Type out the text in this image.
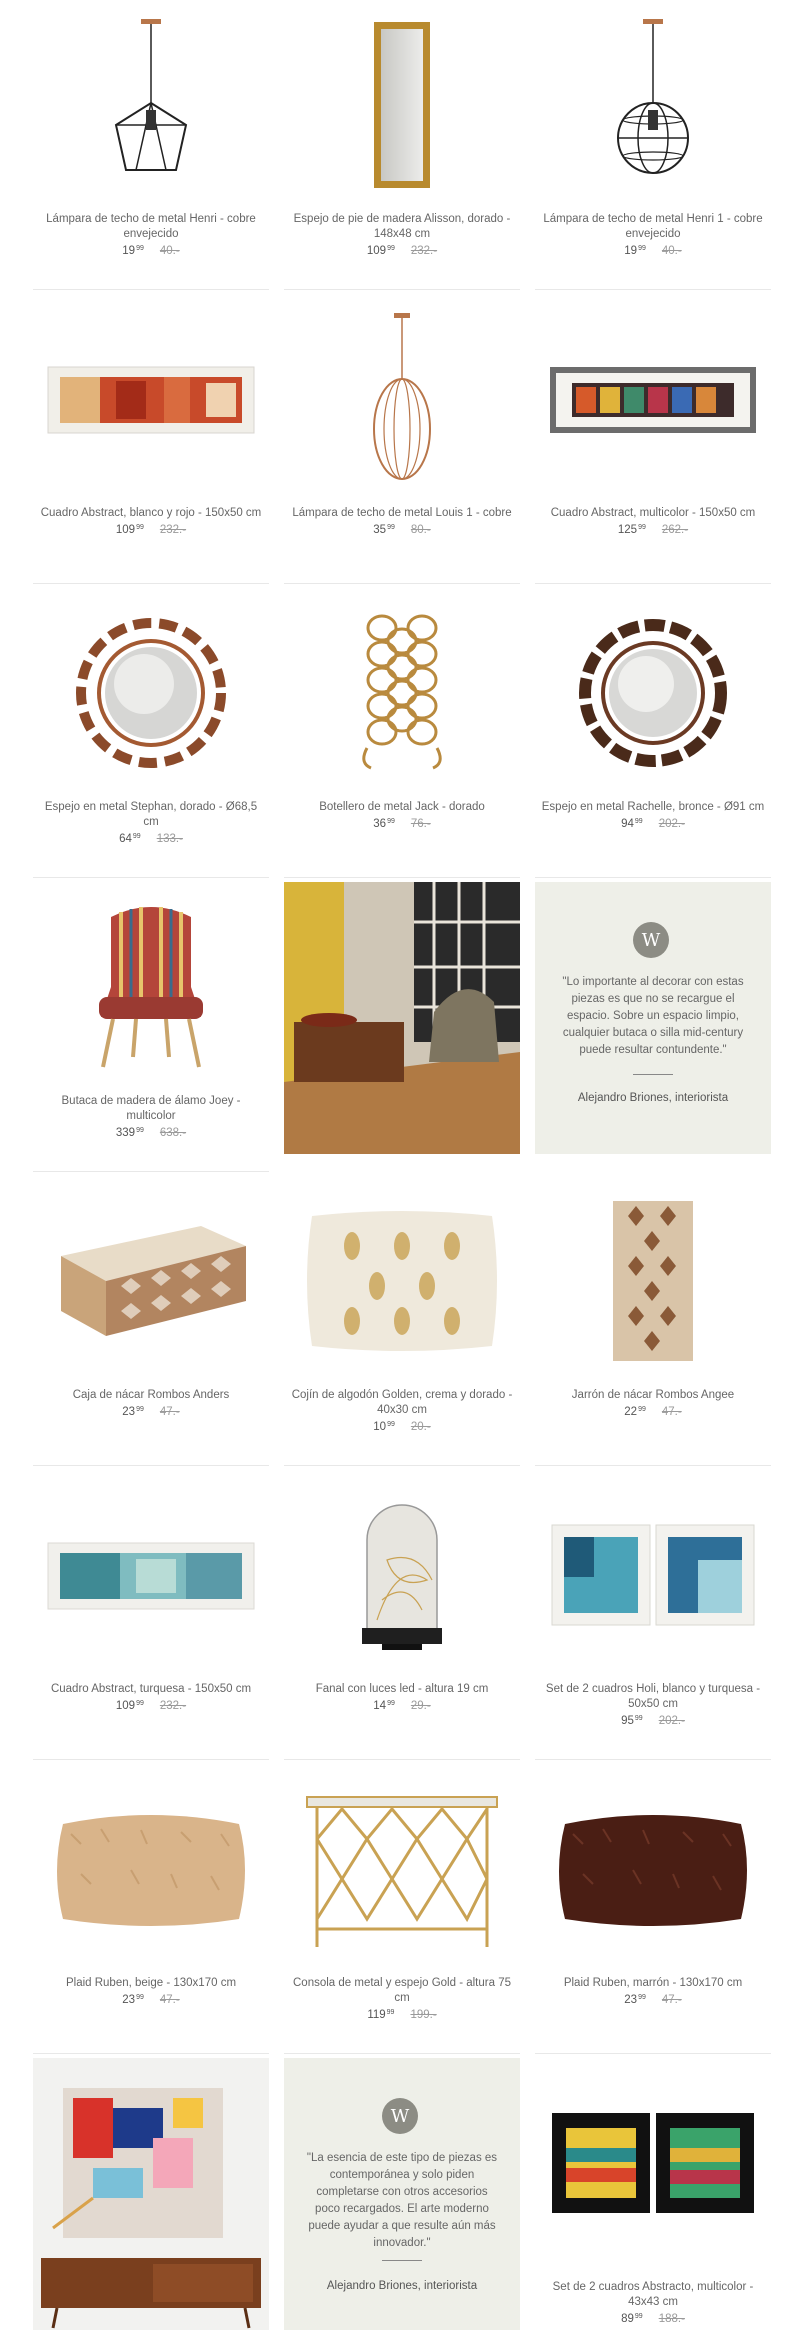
Lámpara de techo de metal Henri - cobre envejecido
$19^{99}$ 40.-
Espejo de pie de madera Alisson, dorado - 148x48 cm
$109^{99}$ 232.-
Lámpara de techo de metal Henri 1 - cobre envejecido
$19^{99}$ 40.-
Cuadro Abstract, blanco y rojo - 150x50 cm
$109^{99}$ 232.-
Lámpara de techo de metal Louis 1 - cobre
$35^{99}$ 80.-
Cuadro Abstract, multicolor - 150x50 cm
$125^{99}$ 262.-
Espejo en metal Stephan, dorado - Ø68,5 cm
$64^{99}$ 133.-
Botellero de metal Jack - dorado
$36^{99}$ 76.-
Espejo en metal Rachelle, bronce - Ø91 cm
$94^{99}$ 202.-
Butaca de madera de álamo Joey - multicolor
$339^{99}$ 638.-
W
"Lo importante al decorar con estas piezas es que no se recargue el espacio. Sobre un espacio limpio, cualquier butaca o silla mid-century puede resultar contundente."
Alejandro Briones, interiorista
Caja de nácar Rombos Anders
$23^{99}$ 47.-
Cojín de algodón Golden, crema y dorado - 40x30 cm
$10^{99}$ 20.-
Jarrón de nácar Rombos Angee
$22^{99}$ 47.-
Cuadro Abstract, turquesa - 150x50 cm
$109^{99}$ 232.-
Fanal con luces led - altura 19 cm
$14^{99}$ 29.-
Set de 2 cuadros Holi, blanco y turquesa - 50x50 cm
$95^{99}$ 202.-
Plaid Ruben, beige - 130x170 cm
$23^{99}$ 47.-
Consola de metal y espejo Gold - altura 75 cm
$119^{99}$ 199.-
Plaid Ruben, marrón - 130x170 cm
$23^{99}$ 47.-
W
"La esencia de este tipo de piezas es contemporánea y solo piden completarse con otros accesorios poco recargados. El arte moderno puede ayudar a que resulte aún más innovador."
Alejandro Briones, interiorista	Set de 2 cuadros Abstracto, multicolor - 43x43 cm
$89^{99}$ 188.-
